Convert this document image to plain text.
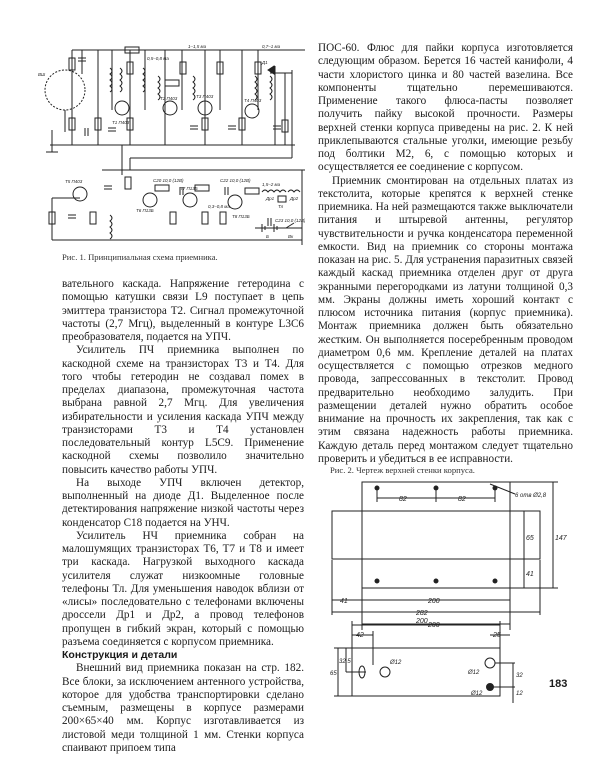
ВШ
Т1 П403
Т2 П403	Т3 П403
Т4 П403
Т5 П403
Т6 П13Б
Т7 П13Б
Т8 П13Б
Д1
Др1	Др2
Тл
Б	Вк
0,5–0,8 ма
1–1,5 ма	0,7–1 ма
1,5–2 ма
0,3–0,8 ма
C20 10,0 (12В)	C22 10,0 (12В)
C23 10,0 (12В)
Рис. 1. Принципиальная схема приемника.

вательного каскада. Напряжение гетеродина с помощью катушки связи L9 поступает в цепь эмиттера транзистора T2. Сигнал промежуточной частоты (2,7 Мгц), выделенный в контуре L3C6 преобразователя, подается на УПЧ.

Усилитель ПЧ приемника выполнен по каскодной схеме на транзисторах T3 и T4. Для того чтобы гетеродин не создавал помех в пределах диапазона, промежуточная частота выбрана равной 2,7 Мгц. Для увеличения избирательности и усиления каскада УПЧ между транзисторами T3 и T4 установлен последовательный контур L5C9. Применение каскодной схемы позволило значительно повысить качество работы УПЧ.

На выходе УПЧ включен детектор, выполненный на диоде Д1. Выделенное после детектирования напряжение низкой частоты через конденсатор C18 подается на УНЧ.

Усилитель НЧ приемника собран на малошумящих транзисторах T6, T7 и T8 и имеет три каскада. Нагрузкой выходного каскада усилителя служат низкоомные головные телефоны Тл. Для уменьшения наводок вблизи от «лисы» последовательно с телефонами включены дроссели Др1 и Др2, а провод телефонов пропущен в гибкий экран, который с помощью разъема соединяется с корпусом приемника.

Конструкция и детали

Внешний вид приемника показан на стр. 182. Все блоки, за исключением антенного устройства, которое для удобства транспортировки сделано съемным, размещены в корпусе размерами 200×65×40 мм. Корпус изготавливается из листовой меди толщиной 1 мм. Стенки корпуса спаивают припоем типа

ПОС-60. Флюс для пайки корпуса изготовляется следующим образом. Берется 16 частей канифоли, 4 части хлористого цинка и 80 частей вазелина. Все компоненты тщательно перемешиваются. Применение такого флюса-пасты позволяет получить пайку высокой прочности. Размеры верхней стенки корпуса приведены на рис. 2. К ней приклепываются стальные уголки, имеющие резьбу под болтики М2, 6, с помощью которых и осуществляется ее соединение с корпусом.

Приемник смонтирован на отдельных платах из текстолита, которые крепятся к верхней стенке приемника. На ней размещаются также выключатели питания и штыревой антенны, регулятор чувствительности и ручка конденсатора переменной емкости. Вид на приемник со стороны монтажа показан на рис. 5. Для устранения паразитных связей каждый каскад приемника отделен друг от друга экранными перегородками из латуни толщиной 0,3 мм. Экраны должны иметь хороший контакт с плюсом источника питания (корпус приемника). Монтаж приемника должен быть обязательно жестким. Он выполняется посеребренным проводом диаметром 0,6 мм. Крепление деталей на платах осуществляется с помощью отрезков медного провода, запрессованных в текстолит. Провод предварительно необходимо залудить. При размещении деталей нужно обратить особое внимание на прочность их закрепления, так как с этим связана надежность работы приемника. Каждую деталь перед монтажом следует тщательно проверить и убедиться в ее исправности.

Рис. 2. Чертеж верхней стенки корпуса.
82	82	6 отв Ø2,8
65	147
41
41	200
282
200
200
42	25
65
32,5	Ø12
Ø12
Ø12
32
12
183
